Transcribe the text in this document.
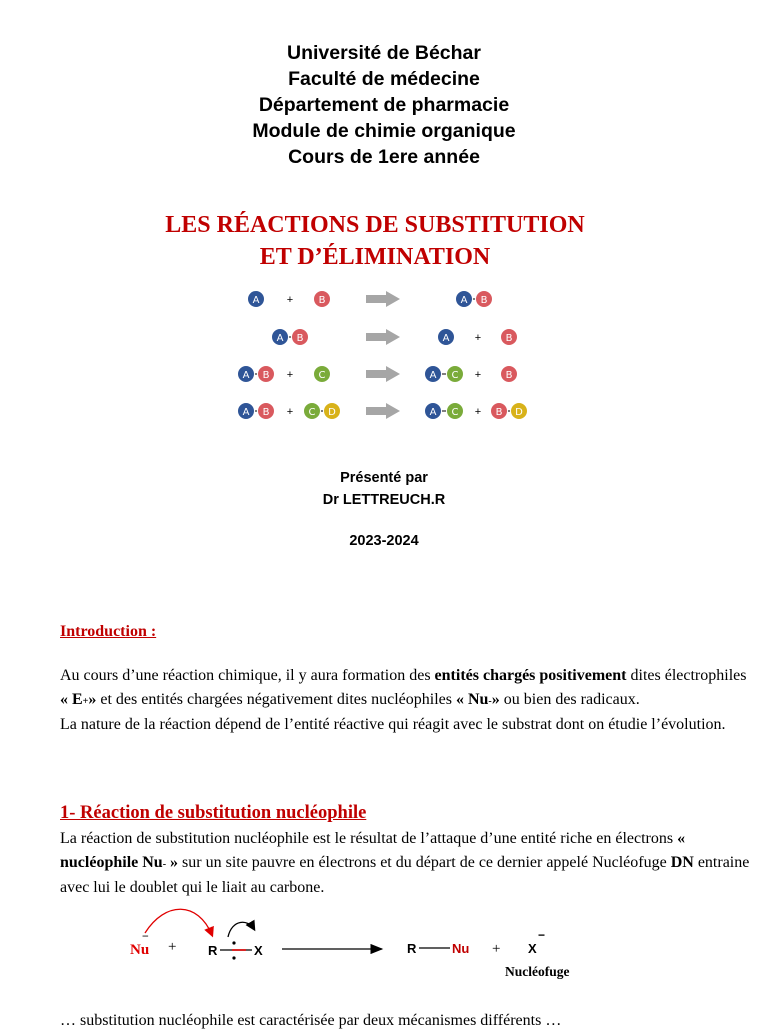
Université de Béchar
Faculté de médecine
Département de pharmacie
Module de chimie organique
Cours de 1ere année
LES RÉACTIONS DE SUBSTITUTION
ET D’ÉLIMINATION
A +	B	A B
A B	A + B
A B +	C	A C + B
A B + C D	A C + B D
Présenté par
Dr LETTREUCH.R
2023-2024
Introduction :
Au cours d’une réaction chimique, il y aura formation des entités chargés positivement dites électrophiles « E+» et des entités chargées négativement dites nucléophiles « Nu-» ou bien des radicaux.
La nature de la réaction dépend de l’entité réactive qui réagit avec le substrat dont on étudie l’évolution.
1- Réaction de substitution nucléophile
La réaction de substitution nucléophile est le résultat de l’attaque d’une entité riche en électrons « nucléophile Nu- » sur un site pauvre en électrons et du départ de ce dernier appelé Nucléofuge DN entraine avec lui le doublet qui le liait au carbone.
Nu
−
+ R	X	R	Nu + X
−
Nucléofuge
… substitution nucléophile est caractérisée par deux mécanismes différents …
